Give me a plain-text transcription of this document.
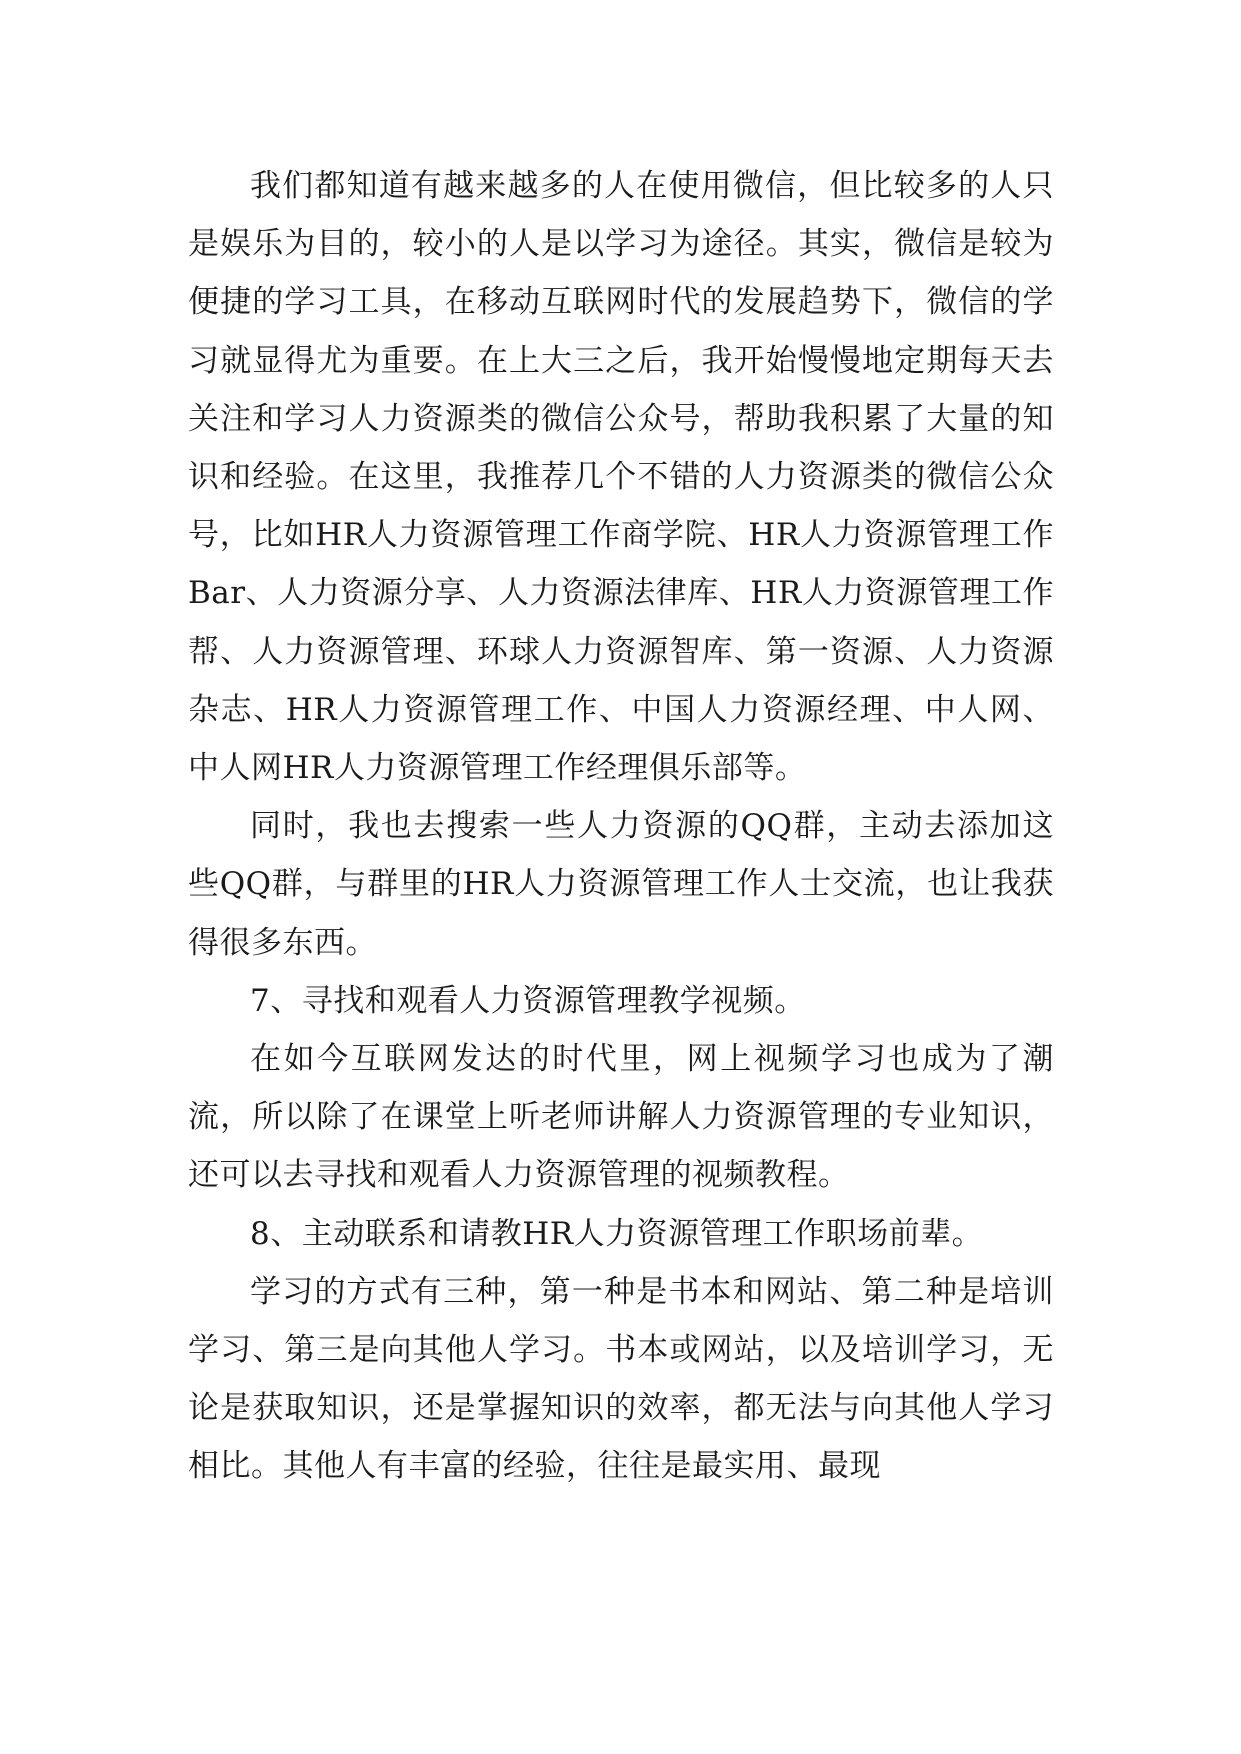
我们都知道有越来越多的人在使用微信，但比较多的人只是娱乐为目的，较小的人是以学习为途径。其实，微信是较为便捷的学习工具，在移动互联网时代的发展趋势下，微信的学习就显得尤为重要。在上大三之后，我开始慢慢地定期每天去关注和学习人力资源类的微信公众号，帮助我积累了大量的知识和经验。在这里，我推荐几个不错的人力资源类的微信公众号，比如HR人力资源管理工作商学院、HR人力资源管理工作Bar、人力资源分享、人力资源法律库、HR人力资源管理工作帮、人力资源管理、环球人力资源智库、第一资源、人力资源杂志、HR人力资源管理工作、中国人力资源经理、中人网、中人网HR人力资源管理工作经理俱乐部等。

同时，我也去搜索一些人力资源的QQ群，主动去添加这些QQ群，与群里的HR人力资源管理工作人士交流，也让我获得很多东西。

7、寻找和观看人力资源管理教学视频。

在如今互联网发达的时代里，网上视频学习也成为了潮流，所以除了在课堂上听老师讲解人力资源管理的专业知识，还可以去寻找和观看人力资源管理的视频教程。

8、主动联系和请教HR人力资源管理工作职场前辈。

学习的方式有三种，第一种是书本和网站、第二种是培训学习、第三是向其他人学习。书本或网站，以及培训学习，无论是获取知识，还是掌握知识的效率，都无法与向其他人学习相比。其他人有丰富的经验，往往是最实用、最现
